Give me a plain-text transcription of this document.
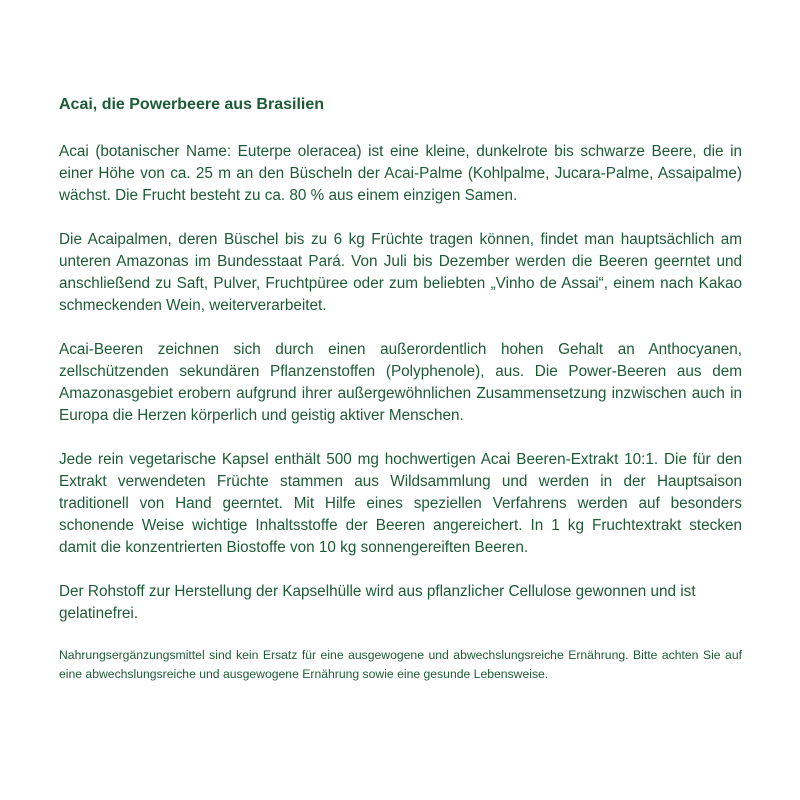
Acai, die Powerbeere aus Brasilien

Acai (botanischer Name: Euterpe oleracea) ist eine kleine, dunkelrote bis schwarze Beere, die in einer Höhe von ca. 25 m an den Büscheln der Acai-Palme (Kohlpalme, Jucara-Palme, Assaipalme) wächst. Die Frucht besteht zu ca. 80 % aus einem einzigen Samen.

Die Acaipalmen, deren Büschel bis zu 6 kg Früchte tragen können, findet man hauptsächlich am unteren Amazonas im Bundesstaat Pará. Von Juli bis Dezember werden die Beeren geerntet und anschließend zu Saft, Pulver, Fruchtpüree oder zum beliebten „Vinho de Assai“, einem nach Kakao schmeckenden Wein, weiterverarbeitet.

Acai-Beeren zeichnen sich durch einen außerordentlich hohen Gehalt an Anthocyanen, zellschützenden sekundären Pflanzenstoffen (Polyphenole), aus. Die Power-Beeren aus dem Amazonasgebiet erobern aufgrund ihrer außergewöhnlichen Zusammensetzung inzwischen auch in Europa die Herzen körperlich und geistig aktiver Menschen.

Jede rein vegetarische Kapsel enthält 500 mg hochwertigen Acai Beeren-Extrakt 10:1. Die für den Extrakt verwendeten Früchte stammen aus Wildsammlung und werden in der Hauptsaison traditionell von Hand geerntet. Mit Hilfe eines speziellen Verfahrens werden auf besonders schonende Weise wichtige Inhaltsstoffe der Beeren angereichert. In 1 kg Fruchtextrakt stecken damit die konzentrierten Biostoffe von 10 kg sonnengereiften Beeren.

Der Rohstoff zur Herstellung der Kapselhülle wird aus pflanzlicher Cellulose gewonnen und ist gelatinefrei.

Nahrungsergänzungsmittel sind kein Ersatz für eine ausgewogene und abwechslungsreiche Ernährung. Bitte achten Sie auf eine abwechslungsreiche und ausgewogene Ernährung sowie eine gesunde Lebensweise.
